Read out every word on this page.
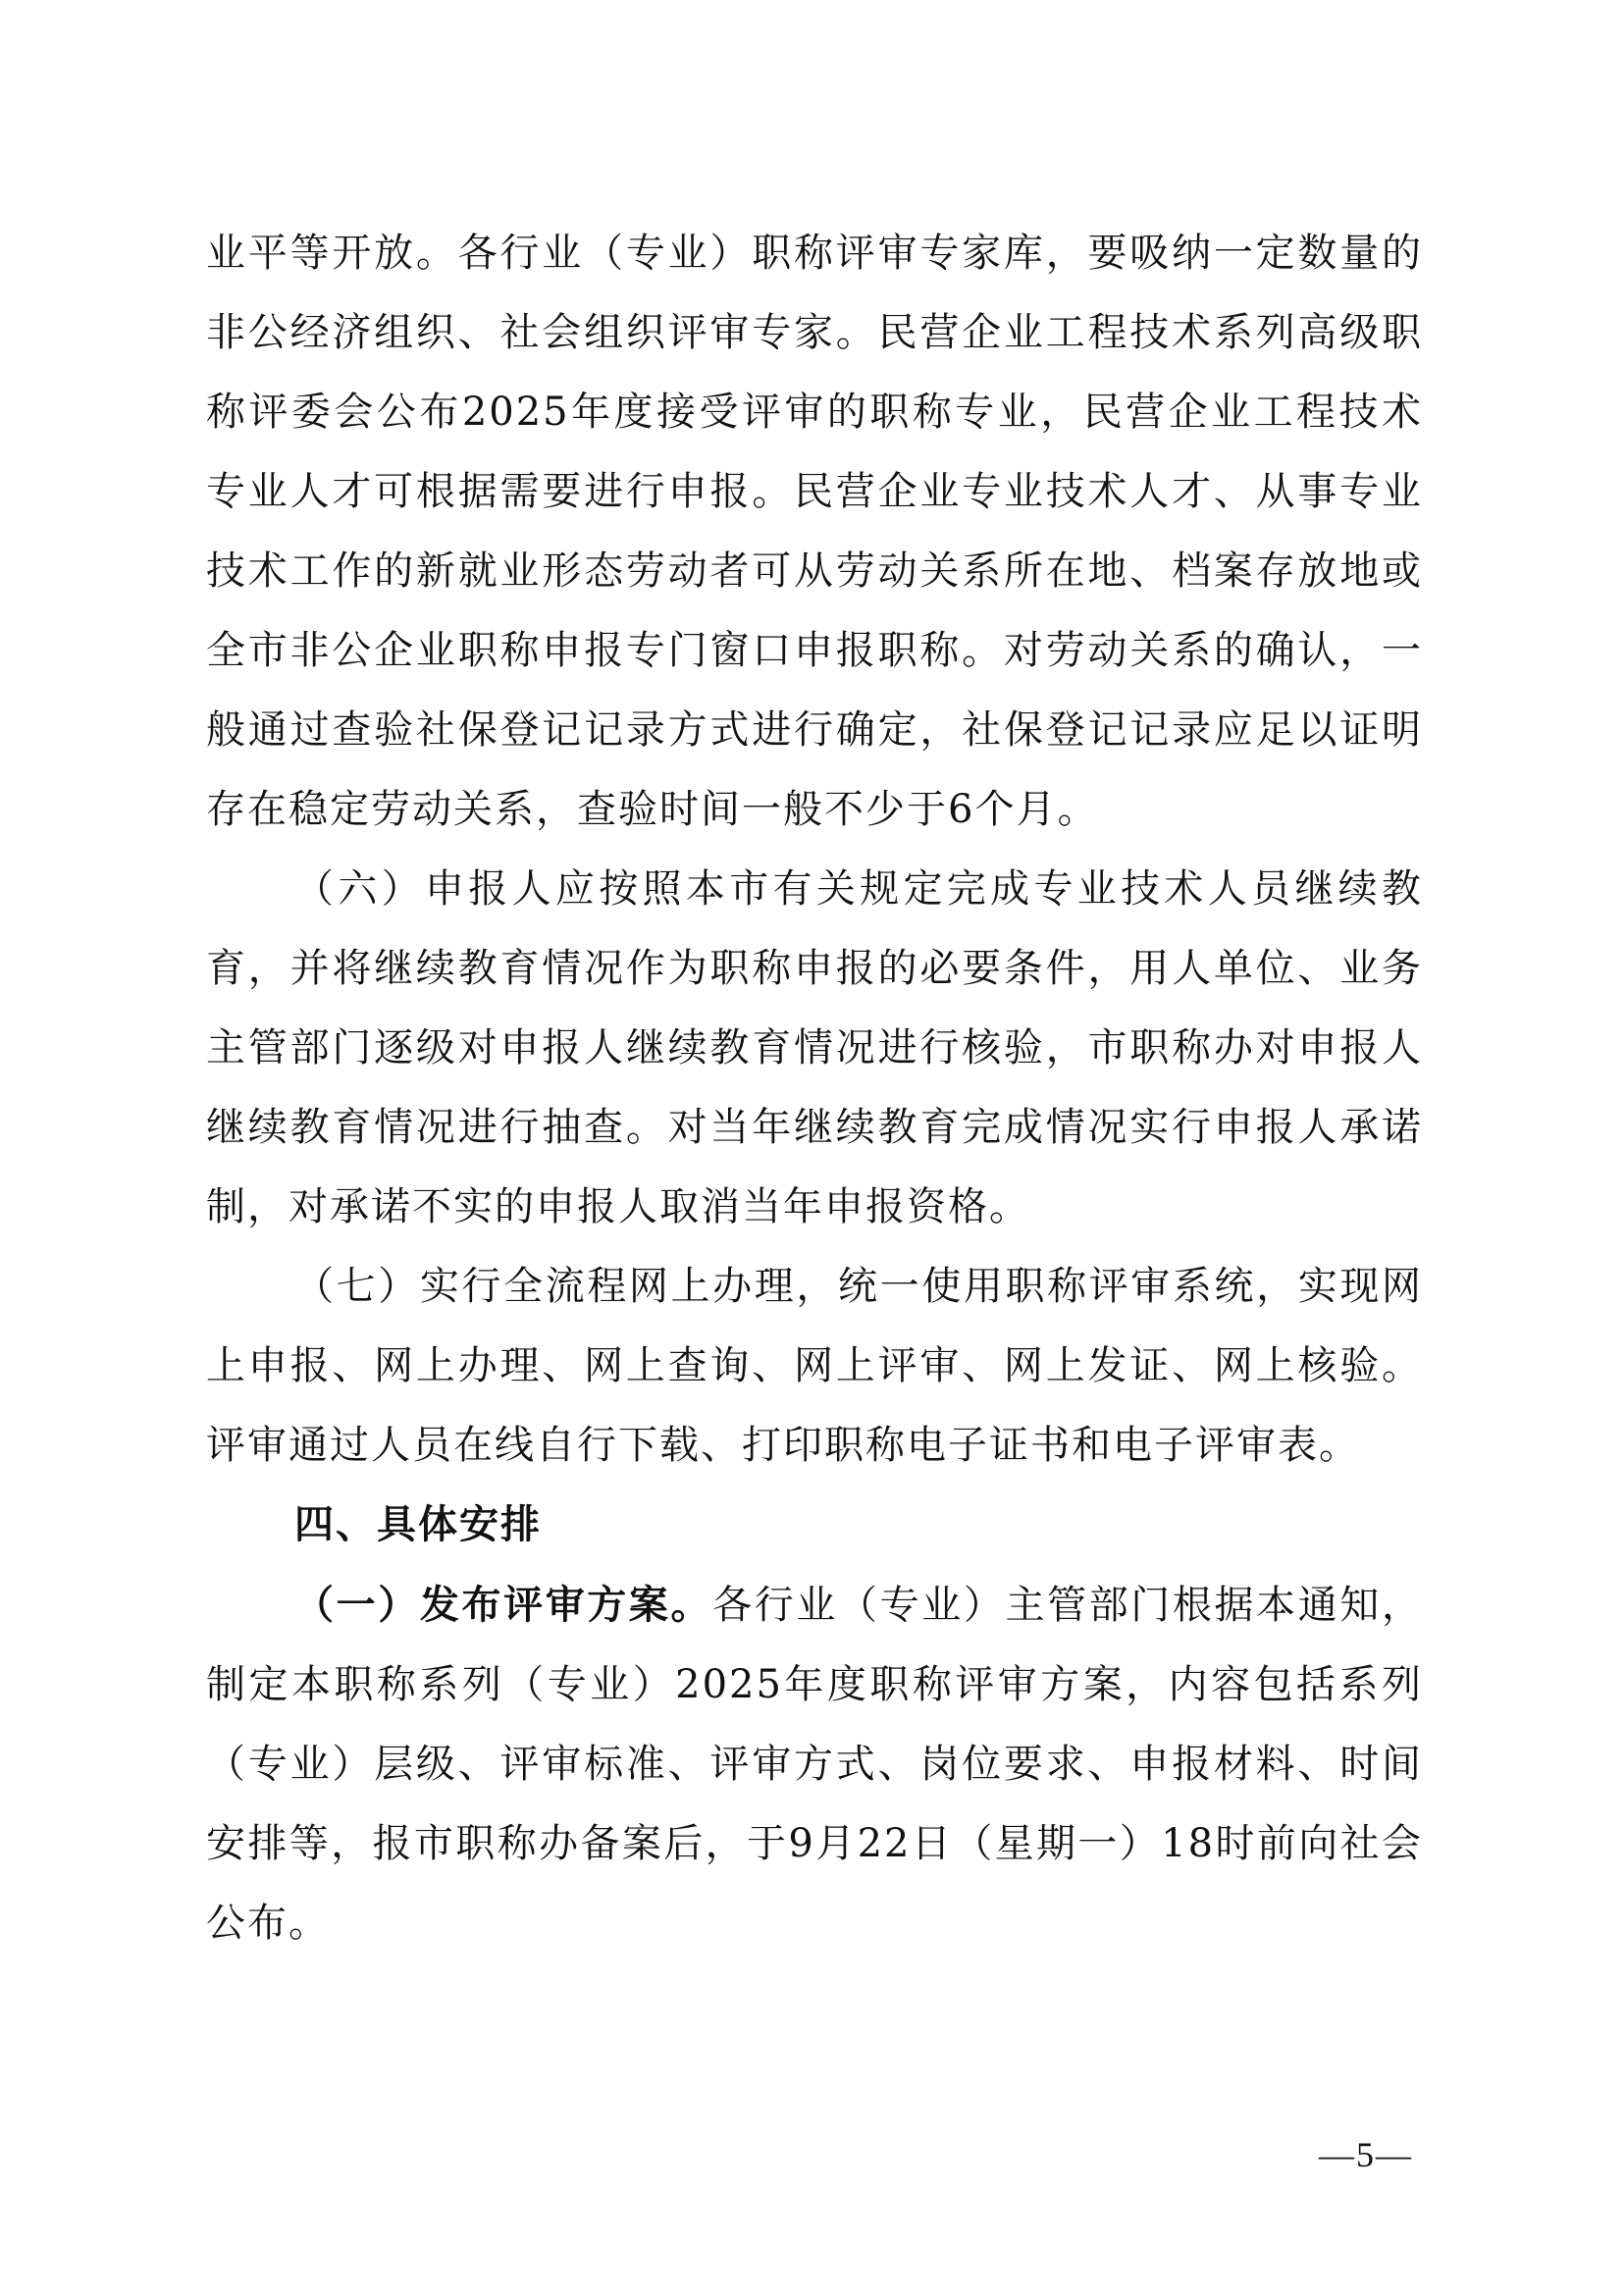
业平等开放。各行业（专业）职称评审专家库，要吸纳一定数量的非公经济组织、社会组织评审专家。民营企业工程技术系列高级职称评委会公布2025年度接受评审的职称专业，民营企业工程技术专业人才可根据需要进行申报。民营企业专业技术人才、从事专业技术工作的新就业形态劳动者可从劳动关系所在地、档案存放地或全市非公企业职称申报专门窗口申报职称。对劳动关系的确认，一般通过查验社保登记记录方式进行确定，社保登记记录应足以证明存在稳定劳动关系，查验时间一般不少于6个月。

（六）申报人应按照本市有关规定完成专业技术人员继续教育，并将继续教育情况作为职称申报的必要条件，用人单位、业务主管部门逐级对申报人继续教育情况进行核验，市职称办对申报人继续教育情况进行抽查。对当年继续教育完成情况实行申报人承诺制，对承诺不实的申报人取消当年申报资格。

（七）实行全流程网上办理，统一使用职称评审系统，实现网上申报、网上办理、网上查询、网上评审、网上发证、网上核验。评审通过人员在线自行下载、打印职称电子证书和电子评审表。

四、具体安排

（一）发布评审方案。各行业（专业）主管部门根据本通知，制定本职称系列（专业）2025年度职称评审方案，内容包括系列（专业）层级、评审标准、评审方式、岗位要求、申报材料、时间安排等，报市职称办备案后，于9月22日（星期一）18时前向社会公布。

—5—
